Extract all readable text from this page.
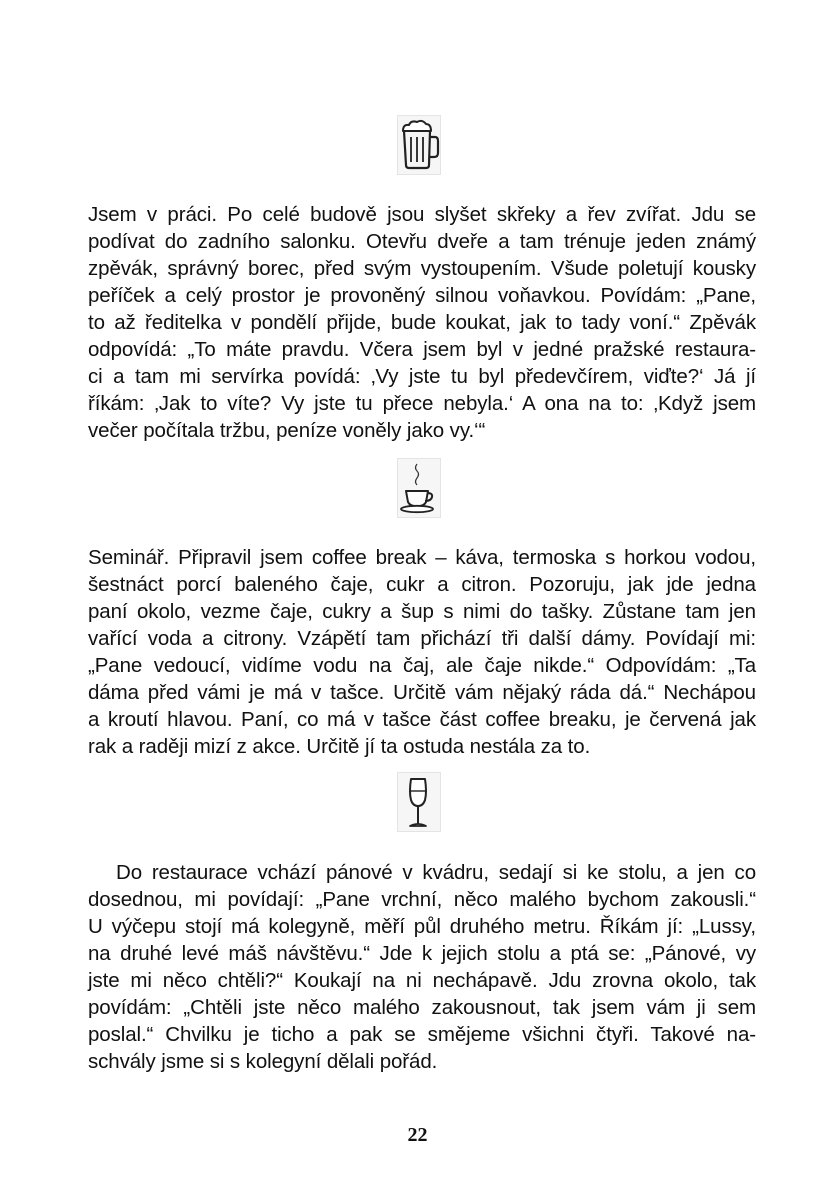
Jsem v práci. Po celé budově jsou slyšet skřeky a řev zvířat. Jdu se
podívat do zadního salonku. Otevřu dveře a tam trénuje jeden známý
zpěvák, správný borec, před svým vystoupením. Všude poletují kousky
peříček a celý prostor je provoněný silnou voňavkou. Povídám: „Pane,
to až ředitelka v pondělí přijde, bude koukat, jak to tady voní.“ Zpěvák
odpovídá: „To máte pravdu. Včera jsem byl v jedné pražské restaura-
ci a tam mi servírka povídá: ‚Vy jste tu byl předevčírem, viďte?‘ Já jí
říkám: ‚Jak to víte? Vy jste tu přece nebyla.‘ A ona na to: ‚Když jsem
večer počítala tržbu, peníze voněly jako vy.‘“

Seminář. Připravil jsem coffee break – káva, termoska s horkou vodou,
šestnáct porcí baleného čaje, cukr a citron. Pozoruju, jak jde jedna
paní okolo, vezme čaje, cukry a šup s nimi do tašky. Zůstane tam jen
vařící voda a citrony. Vzápětí tam přichází tři další dámy. Povídají mi:
„Pane vedoucí, vidíme vodu na čaj, ale čaje nikde.“ Odpovídám: „Ta
dáma před vámi je má v tašce. Určitě vám nějaký ráda dá.“ Nechápou
a kroutí hlavou. Paní, co má v tašce část coffee breaku, je červená jak
rak a raději mizí z akce. Určitě jí ta ostuda nestála za to.

Do restaurace vchází pánové v kvádru, sedají si ke stolu, a jen co
dosednou, mi povídají: „Pane vrchní, něco malého bychom zakousli.“
U výčepu stojí má kolegyně, měří půl druhého metru. Říkám jí: „Lussy,
na druhé levé máš návštěvu.“ Jde k jejich stolu a ptá se: „Pánové, vy
jste mi něco chtěli?“ Koukají na ni nechápavě. Jdu zrovna okolo, tak
povídám: „Chtěli jste něco malého zakousnout, tak jsem vám ji sem
poslal.“ Chvilku je ticho a pak se smějeme všichni čtyři. Takové na-
schvály jsme si s kolegyní dělali pořád.

22
